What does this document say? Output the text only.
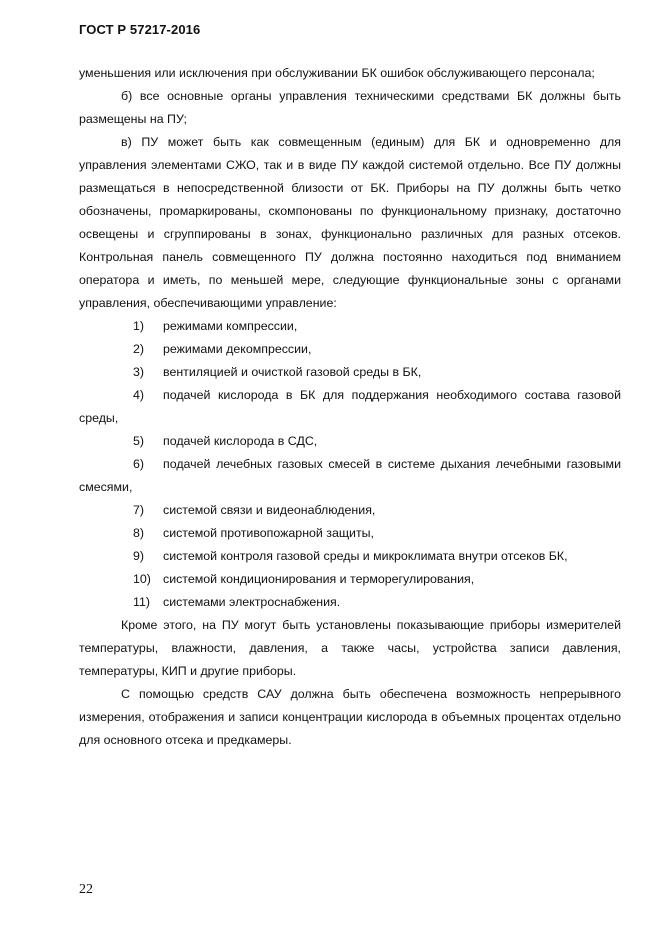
ГОСТ Р 57217-2016

уменьшения или исключения при обслуживании БК ошибок обслуживающего персонала;

б) все основные органы управления техническими средствами БК должны быть размещены на ПУ;

в) ПУ может быть как совмещенным (единым) для БК и одновременно для управления элементами СЖО, так и в виде ПУ каждой системой отдельно. Все ПУ должны размещаться в непосредственной близости от БК. Приборы на ПУ должны быть четко обозначены, промаркированы, скомпонованы по функциональному признаку, достаточно освещены и сгруппированы в зонах, функционально различных для разных отсеков. Контрольная панель совмещенного ПУ должна постоянно находиться под вниманием оператора и иметь, по меньшей мере, следующие функциональные зоны с органами управления, обеспечивающими управление:

1) режимами компрессии,

2) режимами декомпрессии,

3) вентиляцией и очисткой газовой среды в БК,

4) подачей кислорода в БК для поддержания необходимого состава газовой среды,

5) подачей кислорода в СДС,

6) подачей лечебных газовых смесей в системе дыхания лечебными газовыми смесями,

7) системой связи и видеонаблюдения,

8) системой противопожарной защиты,

9) системой контроля газовой среды и микроклимата внутри отсеков БК,

10) системой кондиционирования и терморегулирования,

11) системами электроснабжения.

Кроме этого, на ПУ могут быть установлены показывающие приборы измерителей температуры, влажности, давления, а также часы, устройства записи давления, температуры, КИП и другие приборы.

С помощью средств САУ должна быть обеспечена возможность непрерывного измерения, отображения и записи концентрации кислорода в объемных процентах отдельно для основного отсека и предкамеры.

22
